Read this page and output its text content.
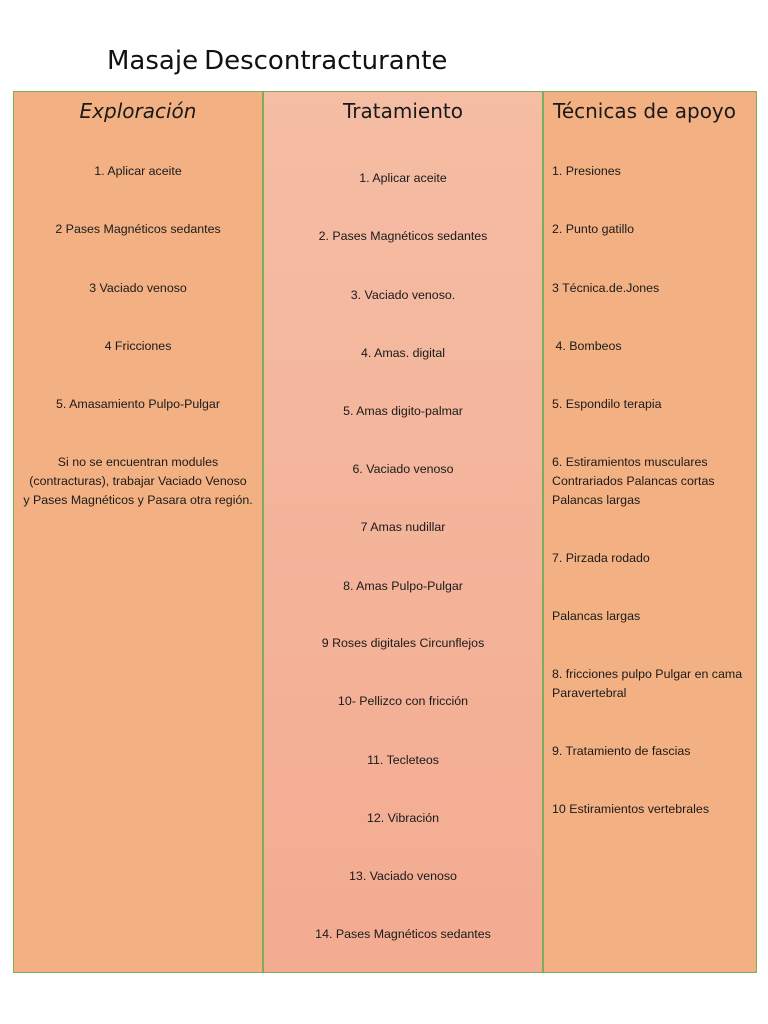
Masaje Descontracturante
Exploración
1. Aplicar aceite
2 Pases Magnéticos sedantes
3 Vaciado venoso
4 Fricciones
5. Amasamiento Pulpo-Pulgar
Si no se encuentran modules
(contracturas), trabajar Vaciado Venoso
y Pases Magnéticos y Pasara otra región.
Tratamiento
1. Aplicar aceite
2. Pases Magnéticos sedantes
3. Vaciado venoso.
4. Amas. digital
5. Amas digito-palmar
6. Vaciado venoso
7 Amas nudillar
8. Amas Pulpo-Pulgar
9 Roses digitales Circunflejos
10- Pellizco con fricción
11. Tecleteos
12. Vibración
13. Vaciado venoso
14. Pases Magnéticos sedantes
Técnicas de apoyo
1. Presiones
2. Punto gatillo
3 Técnica.de.Jones
4. Bombeos
5. Espondilo terapia
6. Estiramientos musculares
Contrariados Palancas cortas
Palancas largas
7. Pirzada rodado
Palancas largas
8. fricciones pulpo Pulgar en cama
Paravertebral
9. Tratamiento de fascias
10 Estiramientos vertebrales
